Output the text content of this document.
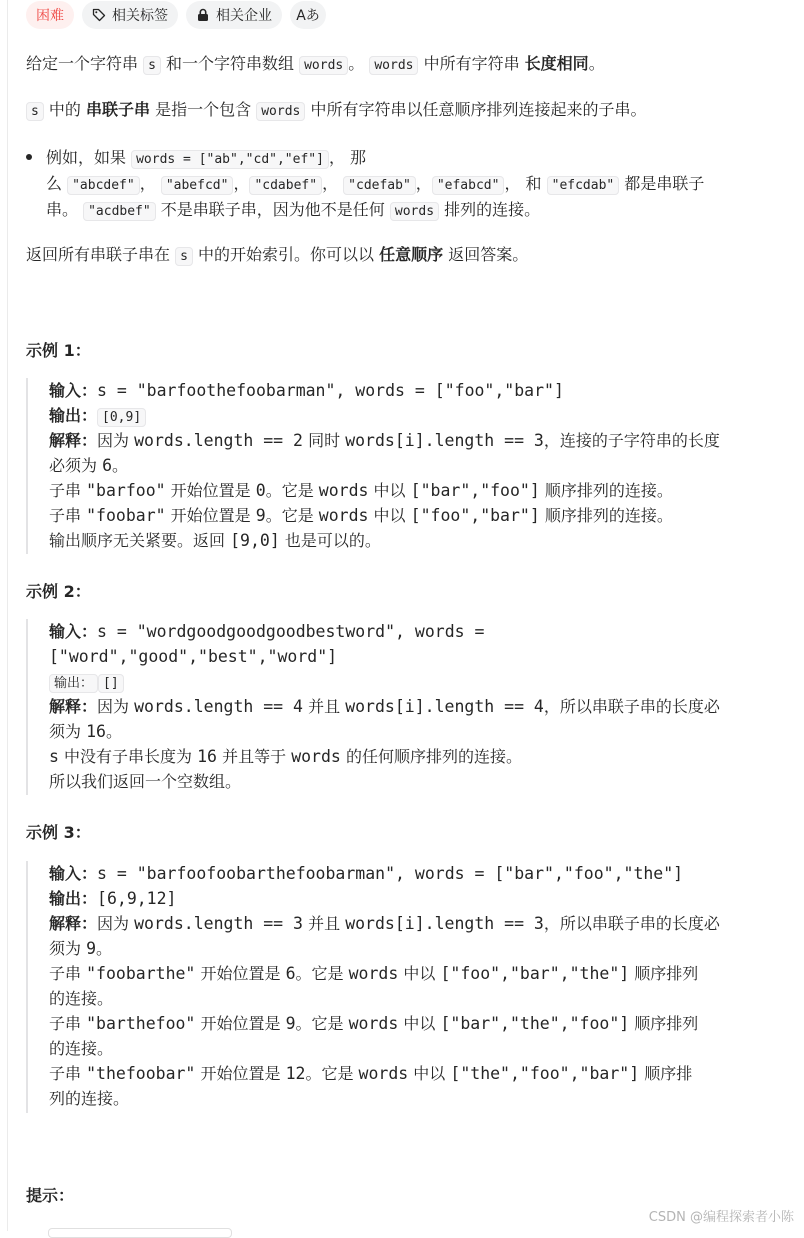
困难	相关标签	相关企业 Aあ
给定一个字符串 s 和一个字符串数组 words 。 words 中所有字符串 长度相同。
s 中的 串联子串 是指一个包含 words 中所有字符串以任意顺序排列连接起来的子串。
例如，如果 words = ["ab","cd","ef"] ， 那
么 "abcdef" ， "abefcd" ， "cdabef" ， "cdefab" ， "efabcd" ， 和 "efcdab" 都是串联子
串。 "acdbef" 不是串联子串，因为他不是任何 words 排列的连接。
返回所有串联子串在 s 中的开始索引。你可以以 任意顺序 返回答案。
示例 1：
输入：s = "barfoothefoobarman", words = ["foo","bar"]
输出： [0,9]
解释：因为 words.length == 2 同时 words[i].length == 3，连接的子字符串的长度
必须为 6。
子串 "barfoo" 开始位置是 0。它是 words 中以 ["bar","foo"] 顺序排列的连接。
子串 "foobar" 开始位置是 9。它是 words 中以 ["foo","bar"] 顺序排列的连接。
输出顺序无关紧要。返回 [9,0] 也是可以的。
示例 2：
输入：s = "wordgoodgoodgoodbestword", words =
["word","good","best","word"]
输出： []
解释：因为 words.length == 4 并且 words[i].length == 4，所以串联子串的长度必
须为 16。
s 中没有子串长度为 16 并且等于 words 的任何顺序排列的连接。
所以我们返回一个空数组。
示例 3：
输入：s = "barfoofoobarthefoobarman", words = ["bar","foo","the"]
输出：[6,9,12]
解释：因为 words.length == 3 并且 words[i].length == 3，所以串联子串的长度必
须为 9。
子串 "foobarthe" 开始位置是 6。它是 words 中以 ["foo","bar","the"] 顺序排列
的连接。
子串 "barthefoo" 开始位置是 9。它是 words 中以 ["bar","the","foo"] 顺序排列
的连接。
子串 "thefoobar" 开始位置是 12。它是 words 中以 ["the","foo","bar"] 顺序排
列的连接。
提示：
CSDN @编程探索者小陈
